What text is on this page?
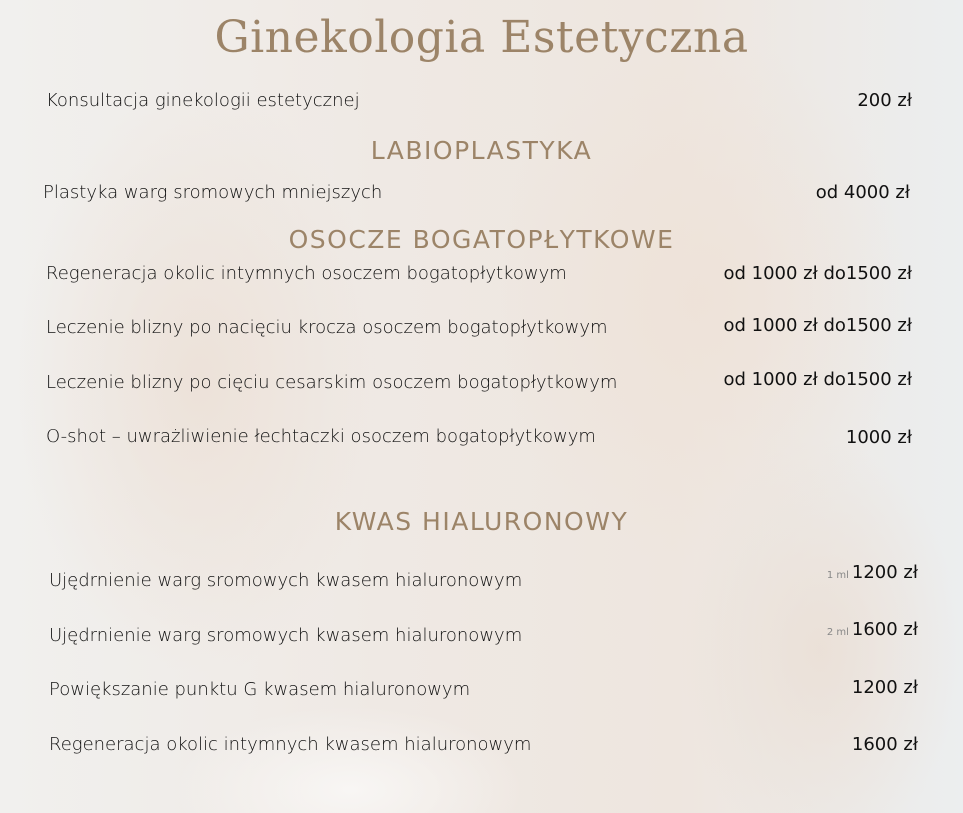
Ginekologia Estetyczna
Konsultacja ginekologii estetycznej	200 zł
LABIOPLASTYKA
Plastyka warg sromowych mniejszych	od 4000 zł
OSOCZE BOGATOPŁYTKOWE
Regeneracja okolic intymnych osoczem bogatopłytkowym	od 1000 zł do1500 zł
Leczenie blizny po nacięciu krocza osoczem bogatopłytkowym	od 1000 zł do1500 zł
Leczenie blizny po cięciu cesarskim osoczem bogatopłytkowym	od 1000 zł do1500 zł
O-shot – uwrażliwienie łechtaczki osoczem bogatopłytkowym	1000 zł
KWAS HIALURONOWY
Ujędrnienie warg sromowych kwasem hialuronowym	1 ml 1200 zł
Ujędrnienie warg sromowych kwasem hialuronowym	2 ml 1600 zł
Powiększanie punktu G kwasem hialuronowym	1200 zł
Regeneracja okolic intymnych kwasem hialuronowym	1600 zł
